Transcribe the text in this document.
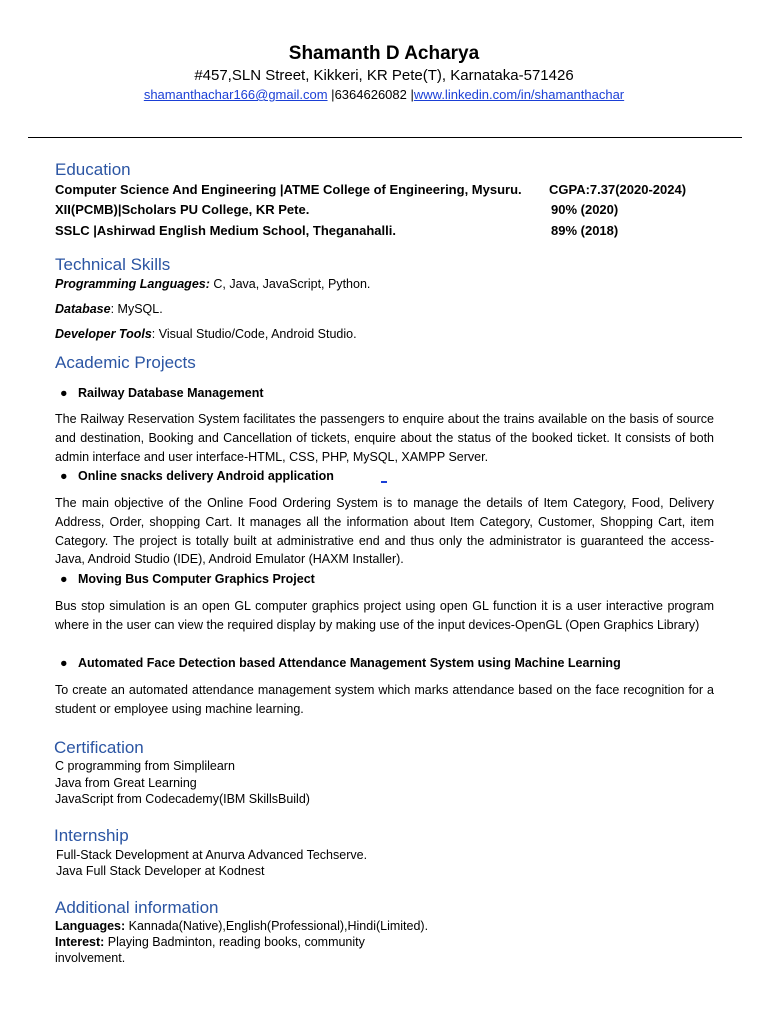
Shamanth D Acharya
#457,SLN Street, Kikkeri, KR Pete(T), Karnataka-571426
shamanthachar166@gmail.com |6364626082 |www.linkedin.com/in/shamanthachar
Education
Computer Science And Engineering |ATME College of Engineering, Mysuru. CGPA:7.37(2020-2024)
XII(PCMB)|Scholars PU College, KR Pete.	90% (2020)
SSLC |Ashirwad English Medium School, Theganahalli.	89% (2018)
Technical Skills
Programming Languages: C, Java, JavaScript, Python.
Database: MySQL.
Developer Tools: Visual Studio/Code, Android Studio.
Academic Projects
● Railway Database Management
The Railway Reservation System facilitates the passengers to enquire about the trains available on the basis of source and destination, Booking and Cancellation of tickets, enquire about the status of the booked ticket. It consists of both admin interface and user interface-HTML, CSS, PHP, MySQL, XAMPP Server.
● Online snacks delivery Android application
The main objective of the Online Food Ordering System is to manage the details of Item Category, Food, Delivery Address, Order, shopping Cart. It manages all the information about Item Category, Customer, Shopping Cart, item Category. The project is totally built at administrative end and thus only the administrator is guaranteed the access-Java, Android Studio (IDE), Android Emulator (HAXM Installer).
● Moving Bus Computer Graphics Project
Bus stop simulation is an open GL computer graphics project using open GL function it is a user interactive program where in the user can view the required display by making use of the input devices-OpenGL (Open Graphics Library)
● Automated Face Detection based Attendance Management System using Machine Learning
To create an automated attendance management system which marks attendance based on the face recognition for a student or employee using machine learning.
Certification
C programming from Simplilearn
Java from Great Learning
JavaScript from Codecademy(IBM SkillsBuild)
Internship
Full-Stack Development at Anurva Advanced Techserve.
Java Full Stack Developer at Kodnest
Additional information
Languages: Kannada(Native),English(Professional),Hindi(Limited).
Interest: Playing Badminton, reading books, community
involvement.
